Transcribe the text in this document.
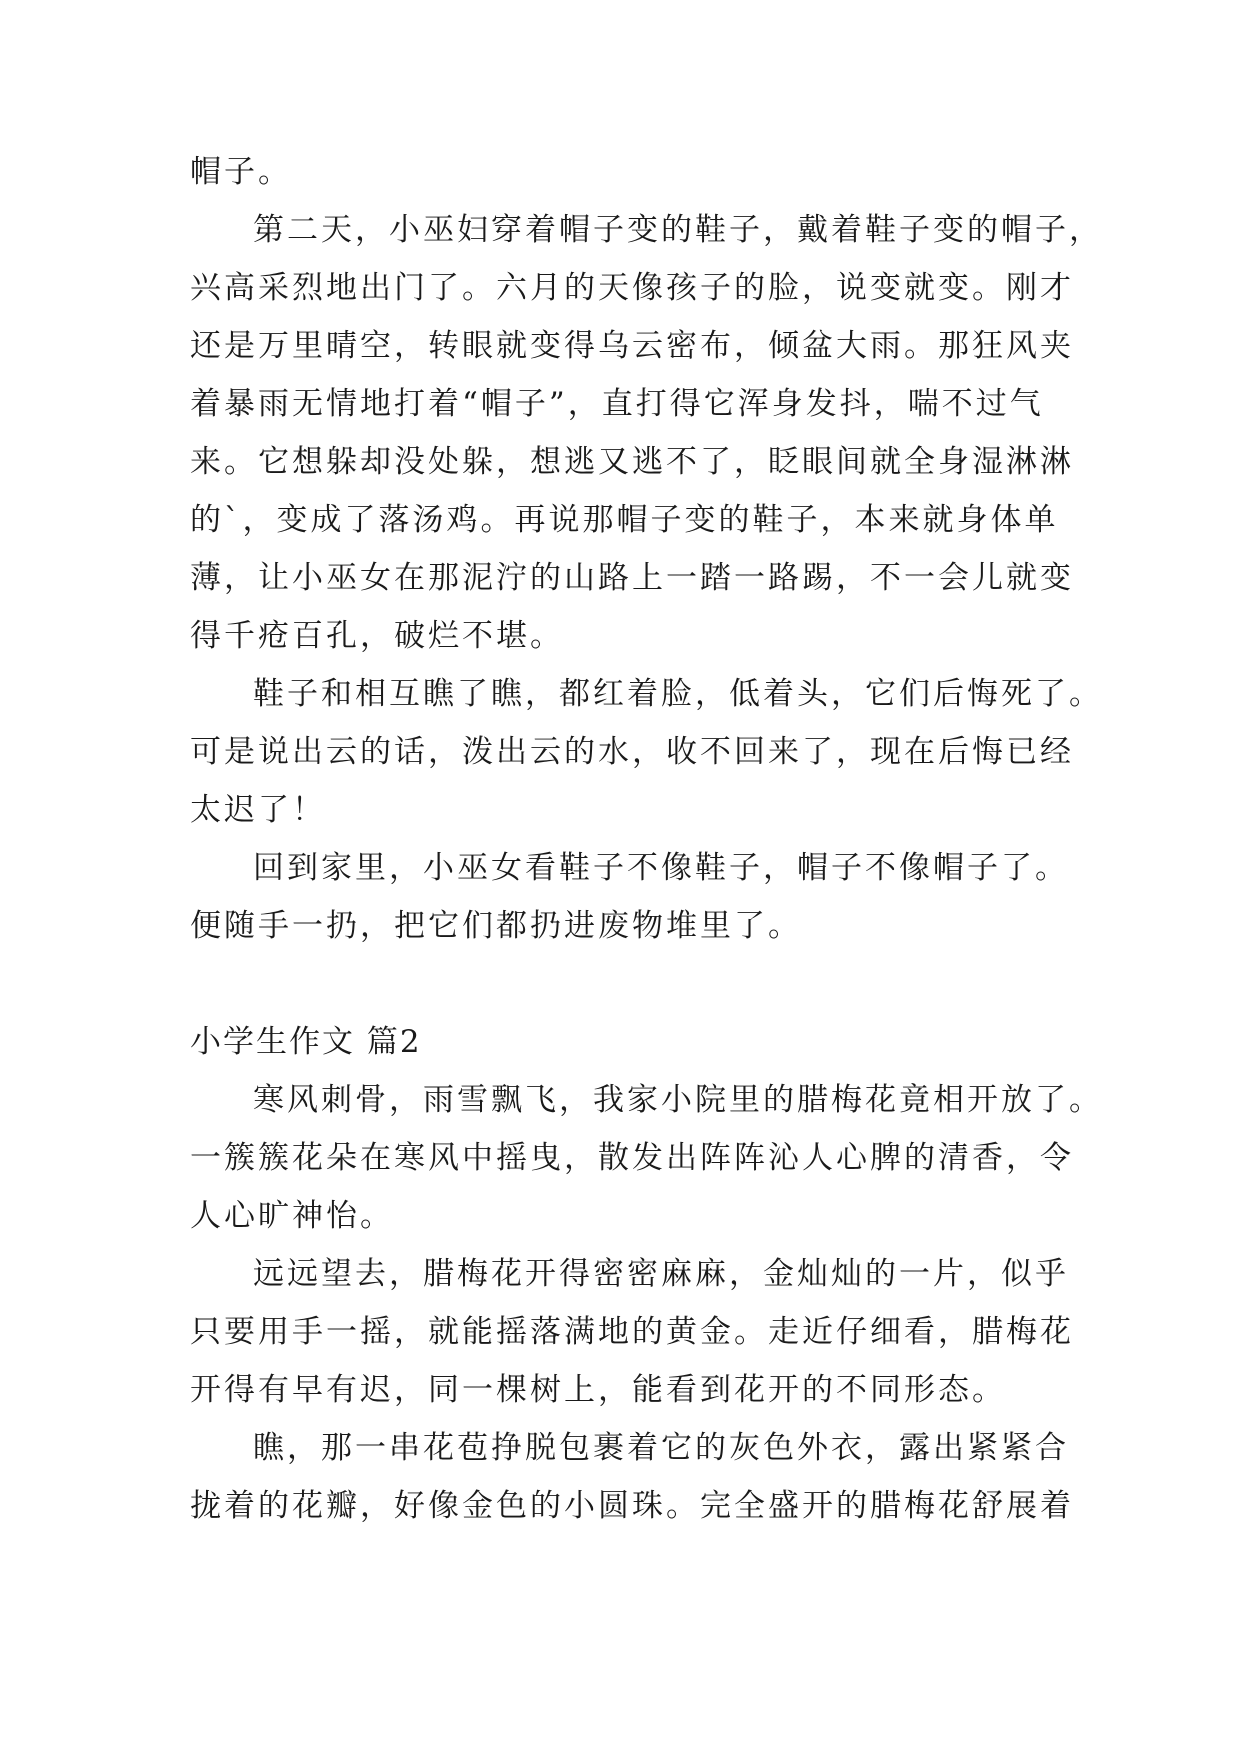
帽子。
第二天，小巫妇穿着帽子变的鞋子，戴着鞋子变的帽子，
兴高采烈地出门了。六月的天像孩子的脸，说变就变。刚才
还是万里晴空，转眼就变得乌云密布，倾盆大雨。那狂风夹
着暴雨无情地打着“帽子”，直打得它浑身发抖，喘不过气
来。它想躲却没处躲，想逃又逃不了，眨眼间就全身湿淋淋
的`，变成了落汤鸡。再说那帽子变的鞋子，本来就身体单
薄，让小巫女在那泥泞的山路上一踏一路踢，不一会儿就变
得千疮百孔，破烂不堪。
鞋子和相互瞧了瞧，都红着脸，低着头，它们后悔死了。
可是说出云的话，泼出云的水，收不回来了，现在后悔已经
太迟了！
回到家里，小巫女看鞋子不像鞋子，帽子不像帽子了。
便随手一扔，把它们都扔进废物堆里了。
小学生作文 篇2
寒风刺骨，雨雪飘飞，我家小院里的腊梅花竟相开放了。
一簇簇花朵在寒风中摇曳，散发出阵阵沁人心脾的清香，令
人心旷神怡。
远远望去，腊梅花开得密密麻麻，金灿灿的一片，似乎
只要用手一摇，就能摇落满地的黄金。走近仔细看，腊梅花
开得有早有迟，同一棵树上，能看到花开的不同形态。
瞧，那一串花苞挣脱包裹着它的灰色外衣，露出紧紧合
拢着的花瓣，好像金色的小圆珠。完全盛开的腊梅花舒展着
